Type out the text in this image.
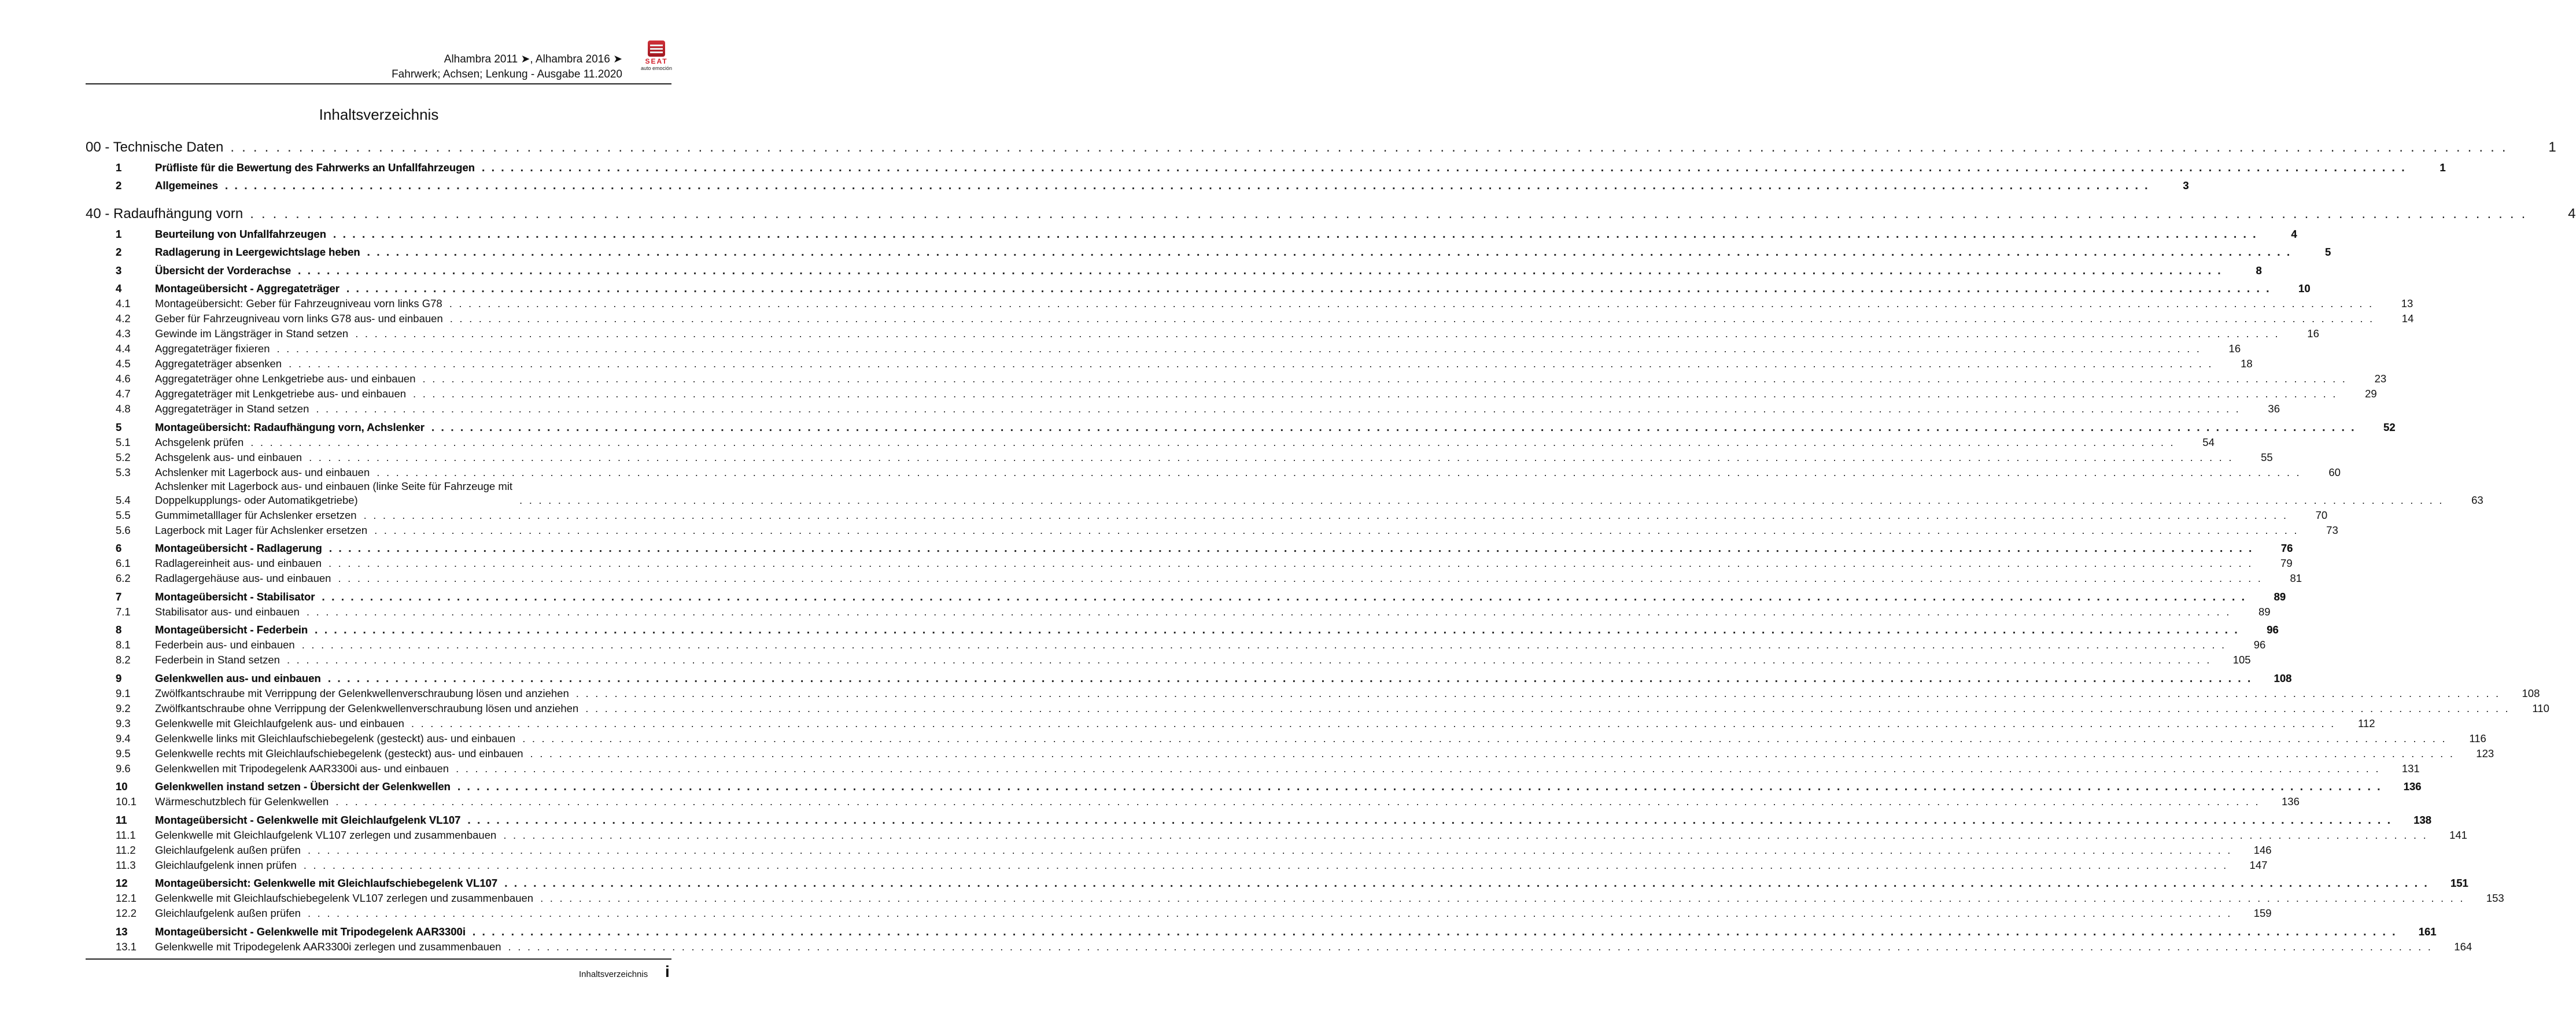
Alhambra 2011 ➤, Alhambra 2016 ➤
Fahrwerk; Achsen; Lenkung - Ausgabe 11.2020
SEAT
auto emoción
Inhaltsverzeichnis
00 - Technische Daten . . . . . . . . . . . . . . . . . . . . . . . . . . . . . . . . . . . . . . . . . . . . . . . . . . . . . . . . . . . . . . . . . . . . . . . . . . . . . . . . . . . . . . . . . . . . . . . . . . . . . . . . . . . . . . . . . . . . . . . . . . . . . . . . . . . . . . . . . . . . . . . . . . . . . . . . . . . . . . . . . . . . . . . . . . . . . . . . . . . . . . . . . . . . . . . . . . . . . . . .	1
1	Prüfliste für die Bewertung des Fahrwerks an Unfallfahrzeugen . . . . . . . . . . . . . . . . . . . . . . . . . . . . . . . . . . . . . . . . . . . . . . . . . . . . . . . . . . . . . . . . . . . . . . . . . . . . . . . . . . . . . . . . . . . . . . . . . . . . . . . . . . . . . . . . . . . . . . . . . . . . . . . . . . . . . . . . . . . . . . . . . . . . . . . . . . . . . . . . . . . . . . . . . . . . . . . . . . . . . . . . . . . . . . . . . . . . . . . .	1
2	Allgemeines . . . . . . . . . . . . . . . . . . . . . . . . . . . . . . . . . . . . . . . . . . . . . . . . . . . . . . . . . . . . . . . . . . . . . . . . . . . . . . . . . . . . . . . . . . . . . . . . . . . . . . . . . . . . . . . . . . . . . . . . . . . . . . . . . . . . . . . . . . . . . . . . . . . . . . . . . . . . . . . . . . . . . . . . . . . . . . . . . . . . . . . . . . . . . . . . . . . . . . . .	3
40 - Radaufhängung vorn . . . . . . . . . . . . . . . . . . . . . . . . . . . . . . . . . . . . . . . . . . . . . . . . . . . . . . . . . . . . . . . . . . . . . . . . . . . . . . . . . . . . . . . . . . . . . . . . . . . . . . . . . . . . . . . . . . . . . . . . . . . . . . . . . . . . . . . . . . . . . . . . . . . . . . . . . . . . . . . . . . . . . . . . . . . . . . . . . . . . . . . . . . . . . . . . . . . . . . . .	4
1	Beurteilung von Unfallfahrzeugen . . . . . . . . . . . . . . . . . . . . . . . . . . . . . . . . . . . . . . . . . . . . . . . . . . . . . . . . . . . . . . . . . . . . . . . . . . . . . . . . . . . . . . . . . . . . . . . . . . . . . . . . . . . . . . . . . . . . . . . . . . . . . . . . . . . . . . . . . . . . . . . . . . . . . . . . . . . . . . . . . . . . . . . . . . . . . . . . . . . . . . . . . . . . . . . . . . . . . . . .	4
2	Radlagerung in Leergewichtslage heben . . . . . . . . . . . . . . . . . . . . . . . . . . . . . . . . . . . . . . . . . . . . . . . . . . . . . . . . . . . . . . . . . . . . . . . . . . . . . . . . . . . . . . . . . . . . . . . . . . . . . . . . . . . . . . . . . . . . . . . . . . . . . . . . . . . . . . . . . . . . . . . . . . . . . . . . . . . . . . . . . . . . . . . . . . . . . . . . . . . . . . . . . . . . . . . . . . . . . . . .	5
3	Übersicht der Vorderachse . . . . . . . . . . . . . . . . . . . . . . . . . . . . . . . . . . . . . . . . . . . . . . . . . . . . . . . . . . . . . . . . . . . . . . . . . . . . . . . . . . . . . . . . . . . . . . . . . . . . . . . . . . . . . . . . . . . . . . . . . . . . . . . . . . . . . . . . . . . . . . . . . . . . . . . . . . . . . . . . . . . . . . . . . . . . . . . . . . . . . . . . . . . . . . . . . . . . . . . .	8
4	Montageübersicht - Aggregateträger . . . . . . . . . . . . . . . . . . . . . . . . . . . . . . . . . . . . . . . . . . . . . . . . . . . . . . . . . . . . . . . . . . . . . . . . . . . . . . . . . . . . . . . . . . . . . . . . . . . . . . . . . . . . . . . . . . . . . . . . . . . . . . . . . . . . . . . . . . . . . . . . . . . . . . . . . . . . . . . . . . . . . . . . . . . . . . . . . . . . . . . . . . . . . . . . . . . . . . . .	10
4.1	Montageübersicht: Geber für Fahrzeugniveau vorn links G78 . . . . . . . . . . . . . . . . . . . . . . . . . . . . . . . . . . . . . . . . . . . . . . . . . . . . . . . . . . . . . . . . . . . . . . . . . . . . . . . . . . . . . . . . . . . . . . . . . . . . . . . . . . . . . . . . . . . . . . . . . . . . . . . . . . . . . . . . . . . . . . . . . . . . . . . . . . . . . . . . . . . . . . . . . . . . . . . . . . . . . . . . . . . . . . . . . . . . . . . .	13
4.2	Geber für Fahrzeugniveau vorn links G78 aus- und einbauen . . . . . . . . . . . . . . . . . . . . . . . . . . . . . . . . . . . . . . . . . . . . . . . . . . . . . . . . . . . . . . . . . . . . . . . . . . . . . . . . . . . . . . . . . . . . . . . . . . . . . . . . . . . . . . . . . . . . . . . . . . . . . . . . . . . . . . . . . . . . . . . . . . . . . . . . . . . . . . . . . . . . . . . . . . . . . . . . . . . . . . . . . . . . . . . . . . . . . . . .	14
4.3	Gewinde im Längsträger in Stand setzen . . . . . . . . . . . . . . . . . . . . . . . . . . . . . . . . . . . . . . . . . . . . . . . . . . . . . . . . . . . . . . . . . . . . . . . . . . . . . . . . . . . . . . . . . . . . . . . . . . . . . . . . . . . . . . . . . . . . . . . . . . . . . . . . . . . . . . . . . . . . . . . . . . . . . . . . . . . . . . . . . . . . . . . . . . . . . . . . . . . . . . . . . . . . . . . . . . . . . . . .	16
4.4	Aggregateträger fixieren . . . . . . . . . . . . . . . . . . . . . . . . . . . . . . . . . . . . . . . . . . . . . . . . . . . . . . . . . . . . . . . . . . . . . . . . . . . . . . . . . . . . . . . . . . . . . . . . . . . . . . . . . . . . . . . . . . . . . . . . . . . . . . . . . . . . . . . . . . . . . . . . . . . . . . . . . . . . . . . . . . . . . . . . . . . . . . . . . . . . . . . . . . . . . . . . . . . . . . . .	16
4.5	Aggregateträger absenken . . . . . . . . . . . . . . . . . . . . . . . . . . . . . . . . . . . . . . . . . . . . . . . . . . . . . . . . . . . . . . . . . . . . . . . . . . . . . . . . . . . . . . . . . . . . . . . . . . . . . . . . . . . . . . . . . . . . . . . . . . . . . . . . . . . . . . . . . . . . . . . . . . . . . . . . . . . . . . . . . . . . . . . . . . . . . . . . . . . . . . . . . . . . . . . . . . . . . . . .	18
4.6	Aggregateträger ohne Lenkgetriebe aus- und einbauen . . . . . . . . . . . . . . . . . . . . . . . . . . . . . . . . . . . . . . . . . . . . . . . . . . . . . . . . . . . . . . . . . . . . . . . . . . . . . . . . . . . . . . . . . . . . . . . . . . . . . . . . . . . . . . . . . . . . . . . . . . . . . . . . . . . . . . . . . . . . . . . . . . . . . . . . . . . . . . . . . . . . . . . . . . . . . . . . . . . . . . . . . . . . . . . . . . . . . . . .	23
4.7	Aggregateträger mit Lenkgetriebe aus- und einbauen . . . . . . . . . . . . . . . . . . . . . . . . . . . . . . . . . . . . . . . . . . . . . . . . . . . . . . . . . . . . . . . . . . . . . . . . . . . . . . . . . . . . . . . . . . . . . . . . . . . . . . . . . . . . . . . . . . . . . . . . . . . . . . . . . . . . . . . . . . . . . . . . . . . . . . . . . . . . . . . . . . . . . . . . . . . . . . . . . . . . . . . . . . . . . . . . . . . . . . . .	29
4.8	Aggregateträger in Stand setzen . . . . . . . . . . . . . . . . . . . . . . . . . . . . . . . . . . . . . . . . . . . . . . . . . . . . . . . . . . . . . . . . . . . . . . . . . . . . . . . . . . . . . . . . . . . . . . . . . . . . . . . . . . . . . . . . . . . . . . . . . . . . . . . . . . . . . . . . . . . . . . . . . . . . . . . . . . . . . . . . . . . . . . . . . . . . . . . . . . . . . . . . . . . . . . . . . . . . . . . .	36
5	Montageübersicht: Radaufhängung vorn, Achslenker . . . . . . . . . . . . . . . . . . . . . . . . . . . . . . . . . . . . . . . . . . . . . . . . . . . . . . . . . . . . . . . . . . . . . . . . . . . . . . . . . . . . . . . . . . . . . . . . . . . . . . . . . . . . . . . . . . . . . . . . . . . . . . . . . . . . . . . . . . . . . . . . . . . . . . . . . . . . . . . . . . . . . . . . . . . . . . . . . . . . . . . . . . . . . . . . . . . . . . . .	52
5.1	Achsgelenk prüfen . . . . . . . . . . . . . . . . . . . . . . . . . . . . . . . . . . . . . . . . . . . . . . . . . . . . . . . . . . . . . . . . . . . . . . . . . . . . . . . . . . . . . . . . . . . . . . . . . . . . . . . . . . . . . . . . . . . . . . . . . . . . . . . . . . . . . . . . . . . . . . . . . . . . . . . . . . . . . . . . . . . . . . . . . . . . . . . . . . . . . . . . . . . . . . . . . . . . . . . .	54
5.2	Achsgelenk aus- und einbauen . . . . . . . . . . . . . . . . . . . . . . . . . . . . . . . . . . . . . . . . . . . . . . . . . . . . . . . . . . . . . . . . . . . . . . . . . . . . . . . . . . . . . . . . . . . . . . . . . . . . . . . . . . . . . . . . . . . . . . . . . . . . . . . . . . . . . . . . . . . . . . . . . . . . . . . . . . . . . . . . . . . . . . . . . . . . . . . . . . . . . . . . . . . . . . . . . . . . . . . .	55
5.3	Achslenker mit Lagerbock aus- und einbauen . . . . . . . . . . . . . . . . . . . . . . . . . . . . . . . . . . . . . . . . . . . . . . . . . . . . . . . . . . . . . . . . . . . . . . . . . . . . . . . . . . . . . . . . . . . . . . . . . . . . . . . . . . . . . . . . . . . . . . . . . . . . . . . . . . . . . . . . . . . . . . . . . . . . . . . . . . . . . . . . . . . . . . . . . . . . . . . . . . . . . . . . . . . . . . . . . . . . . . . .	60
5.4
Achslenker mit Lagerbock aus- und einbauen (linke Seite für Fahrzeuge mit
Doppelkupplungs- oder Automatikgetriebe)	. . . . . . . . . . . . . . . . . . . . . . . . . . . . . . . . . . . . . . . . . . . . . . . . . . . . . . . . . . . . . . . . . . . . . . . . . . . . . . . . . . . . . . . . . . . . . . . . . . . . . . . . . . . . . . . . . . . . . . . . . . . . . . . . . . . . . . . . . . . . . . . . . . . . . . . . . . . . . . . . . . . . . . . . . . . . . . . . . . . . . . . . . . . . . . . . . . . . . . . .	63
5.5	Gummimetalllager für Achslenker ersetzen . . . . . . . . . . . . . . . . . . . . . . . . . . . . . . . . . . . . . . . . . . . . . . . . . . . . . . . . . . . . . . . . . . . . . . . . . . . . . . . . . . . . . . . . . . . . . . . . . . . . . . . . . . . . . . . . . . . . . . . . . . . . . . . . . . . . . . . . . . . . . . . . . . . . . . . . . . . . . . . . . . . . . . . . . . . . . . . . . . . . . . . . . . . . . . . . . . . . . . . .	70
5.6	Lagerbock mit Lager für Achslenker ersetzen . . . . . . . . . . . . . . . . . . . . . . . . . . . . . . . . . . . . . . . . . . . . . . . . . . . . . . . . . . . . . . . . . . . . . . . . . . . . . . . . . . . . . . . . . . . . . . . . . . . . . . . . . . . . . . . . . . . . . . . . . . . . . . . . . . . . . . . . . . . . . . . . . . . . . . . . . . . . . . . . . . . . . . . . . . . . . . . . . . . . . . . . . . . . . . . . . . . . . . . .	73
6	Montageübersicht - Radlagerung . . . . . . . . . . . . . . . . . . . . . . . . . . . . . . . . . . . . . . . . . . . . . . . . . . . . . . . . . . . . . . . . . . . . . . . . . . . . . . . . . . . . . . . . . . . . . . . . . . . . . . . . . . . . . . . . . . . . . . . . . . . . . . . . . . . . . . . . . . . . . . . . . . . . . . . . . . . . . . . . . . . . . . . . . . . . . . . . . . . . . . . . . . . . . . . . . . . . . . . .	76
6.1	Radlagereinheit aus- und einbauen . . . . . . . . . . . . . . . . . . . . . . . . . . . . . . . . . . . . . . . . . . . . . . . . . . . . . . . . . . . . . . . . . . . . . . . . . . . . . . . . . . . . . . . . . . . . . . . . . . . . . . . . . . . . . . . . . . . . . . . . . . . . . . . . . . . . . . . . . . . . . . . . . . . . . . . . . . . . . . . . . . . . . . . . . . . . . . . . . . . . . . . . . . . . . . . . . . . . . . . .	79
6.2	Radlagergehäuse aus- und einbauen . . . . . . . . . . . . . . . . . . . . . . . . . . . . . . . . . . . . . . . . . . . . . . . . . . . . . . . . . . . . . . . . . . . . . . . . . . . . . . . . . . . . . . . . . . . . . . . . . . . . . . . . . . . . . . . . . . . . . . . . . . . . . . . . . . . . . . . . . . . . . . . . . . . . . . . . . . . . . . . . . . . . . . . . . . . . . . . . . . . . . . . . . . . . . . . . . . . . . . . .	81
7	Montageübersicht - Stabilisator . . . . . . . . . . . . . . . . . . . . . . . . . . . . . . . . . . . . . . . . . . . . . . . . . . . . . . . . . . . . . . . . . . . . . . . . . . . . . . . . . . . . . . . . . . . . . . . . . . . . . . . . . . . . . . . . . . . . . . . . . . . . . . . . . . . . . . . . . . . . . . . . . . . . . . . . . . . . . . . . . . . . . . . . . . . . . . . . . . . . . . . . . . . . . . . . . . . . . . . .	89
7.1	Stabilisator aus- und einbauen . . . . . . . . . . . . . . . . . . . . . . . . . . . . . . . . . . . . . . . . . . . . . . . . . . . . . . . . . . . . . . . . . . . . . . . . . . . . . . . . . . . . . . . . . . . . . . . . . . . . . . . . . . . . . . . . . . . . . . . . . . . . . . . . . . . . . . . . . . . . . . . . . . . . . . . . . . . . . . . . . . . . . . . . . . . . . . . . . . . . . . . . . . . . . . . . . . . . . . . .	89
8	Montageübersicht - Federbein . . . . . . . . . . . . . . . . . . . . . . . . . . . . . . . . . . . . . . . . . . . . . . . . . . . . . . . . . . . . . . . . . . . . . . . . . . . . . . . . . . . . . . . . . . . . . . . . . . . . . . . . . . . . . . . . . . . . . . . . . . . . . . . . . . . . . . . . . . . . . . . . . . . . . . . . . . . . . . . . . . . . . . . . . . . . . . . . . . . . . . . . . . . . . . . . . . . . . . . .	96
8.1	Federbein aus- und einbauen . . . . . . . . . . . . . . . . . . . . . . . . . . . . . . . . . . . . . . . . . . . . . . . . . . . . . . . . . . . . . . . . . . . . . . . . . . . . . . . . . . . . . . . . . . . . . . . . . . . . . . . . . . . . . . . . . . . . . . . . . . . . . . . . . . . . . . . . . . . . . . . . . . . . . . . . . . . . . . . . . . . . . . . . . . . . . . . . . . . . . . . . . . . . . . . . . . . . . . . .	96
8.2	Federbein in Stand setzen . . . . . . . . . . . . . . . . . . . . . . . . . . . . . . . . . . . . . . . . . . . . . . . . . . . . . . . . . . . . . . . . . . . . . . . . . . . . . . . . . . . . . . . . . . . . . . . . . . . . . . . . . . . . . . . . . . . . . . . . . . . . . . . . . . . . . . . . . . . . . . . . . . . . . . . . . . . . . . . . . . . . . . . . . . . . . . . . . . . . . . . . . . . . . . . . . . . . . . . .	105
9	Gelenkwellen aus- und einbauen . . . . . . . . . . . . . . . . . . . . . . . . . . . . . . . . . . . . . . . . . . . . . . . . . . . . . . . . . . . . . . . . . . . . . . . . . . . . . . . . . . . . . . . . . . . . . . . . . . . . . . . . . . . . . . . . . . . . . . . . . . . . . . . . . . . . . . . . . . . . . . . . . . . . . . . . . . . . . . . . . . . . . . . . . . . . . . . . . . . . . . . . . . . . . . . . . . . . . . . .	108
9.1	Zwölfkantschraube mit Verrippung der Gelenkwellenverschraubung lösen und anziehen . . . . . . . . . . . . . . . . . . . . . . . . . . . . . . . . . . . . . . . . . . . . . . . . . . . . . . . . . . . . . . . . . . . . . . . . . . . . . . . . . . . . . . . . . . . . . . . . . . . . . . . . . . . . . . . . . . . . . . . . . . . . . . . . . . . . . . . . . . . . . . . . . . . . . . . . . . . . . . . . . . . . . . . . . . . . . . . . . . . . . . . . . . . . . . . . . . . . . . . .	108
9.2	Zwölfkantschraube ohne Verrippung der Gelenkwellenverschraubung lösen und anziehen . . . . . . . . . . . . . . . . . . . . . . . . . . . . . . . . . . . . . . . . . . . . . . . . . . . . . . . . . . . . . . . . . . . . . . . . . . . . . . . . . . . . . . . . . . . . . . . . . . . . . . . . . . . . . . . . . . . . . . . . . . . . . . . . . . . . . . . . . . . . . . . . . . . . . . . . . . . . . . . . . . . . . . . . . . . . . . . . . . . . . . . . . . . . . . . . . . . . . . . .	110
9.3	Gelenkwelle mit Gleichlaufgelenk aus- und einbauen . . . . . . . . . . . . . . . . . . . . . . . . . . . . . . . . . . . . . . . . . . . . . . . . . . . . . . . . . . . . . . . . . . . . . . . . . . . . . . . . . . . . . . . . . . . . . . . . . . . . . . . . . . . . . . . . . . . . . . . . . . . . . . . . . . . . . . . . . . . . . . . . . . . . . . . . . . . . . . . . . . . . . . . . . . . . . . . . . . . . . . . . . . . . . . . . . . . . . . . .	112
9.4	Gelenkwelle links mit Gleichlaufschiebegelenk (gesteckt) aus- und einbauen . . . . . . . . . . . . . . . . . . . . . . . . . . . . . . . . . . . . . . . . . . . . . . . . . . . . . . . . . . . . . . . . . . . . . . . . . . . . . . . . . . . . . . . . . . . . . . . . . . . . . . . . . . . . . . . . . . . . . . . . . . . . . . . . . . . . . . . . . . . . . . . . . . . . . . . . . . . . . . . . . . . . . . . . . . . . . . . . . . . . . . . . . . . . . . . . . . . . . . . .	116
9.5	Gelenkwelle rechts mit Gleichlaufschiebegelenk (gesteckt) aus- und einbauen . . . . . . . . . . . . . . . . . . . . . . . . . . . . . . . . . . . . . . . . . . . . . . . . . . . . . . . . . . . . . . . . . . . . . . . . . . . . . . . . . . . . . . . . . . . . . . . . . . . . . . . . . . . . . . . . . . . . . . . . . . . . . . . . . . . . . . . . . . . . . . . . . . . . . . . . . . . . . . . . . . . . . . . . . . . . . . . . . . . . . . . . . . . . . . . . . . . . . . . .	123
9.6	Gelenkwellen mit Tripodegelenk AAR3300i aus- und einbauen . . . . . . . . . . . . . . . . . . . . . . . . . . . . . . . . . . . . . . . . . . . . . . . . . . . . . . . . . . . . . . . . . . . . . . . . . . . . . . . . . . . . . . . . . . . . . . . . . . . . . . . . . . . . . . . . . . . . . . . . . . . . . . . . . . . . . . . . . . . . . . . . . . . . . . . . . . . . . . . . . . . . . . . . . . . . . . . . . . . . . . . . . . . . . . . . . . . . . . . .	131
10	Gelenkwellen instand setzen - Übersicht der Gelenkwellen . . . . . . . . . . . . . . . . . . . . . . . . . . . . . . . . . . . . . . . . . . . . . . . . . . . . . . . . . . . . . . . . . . . . . . . . . . . . . . . . . . . . . . . . . . . . . . . . . . . . . . . . . . . . . . . . . . . . . . . . . . . . . . . . . . . . . . . . . . . . . . . . . . . . . . . . . . . . . . . . . . . . . . . . . . . . . . . . . . . . . . . . . . . . . . . . . . . . . . . .	136
10.1	Wärmeschutzblech für Gelenkwellen . . . . . . . . . . . . . . . . . . . . . . . . . . . . . . . . . . . . . . . . . . . . . . . . . . . . . . . . . . . . . . . . . . . . . . . . . . . . . . . . . . . . . . . . . . . . . . . . . . . . . . . . . . . . . . . . . . . . . . . . . . . . . . . . . . . . . . . . . . . . . . . . . . . . . . . . . . . . . . . . . . . . . . . . . . . . . . . . . . . . . . . . . . . . . . . . . . . . . . . .	136
11	Montageübersicht - Gelenkwelle mit Gleichlaufgelenk VL107 . . . . . . . . . . . . . . . . . . . . . . . . . . . . . . . . . . . . . . . . . . . . . . . . . . . . . . . . . . . . . . . . . . . . . . . . . . . . . . . . . . . . . . . . . . . . . . . . . . . . . . . . . . . . . . . . . . . . . . . . . . . . . . . . . . . . . . . . . . . . . . . . . . . . . . . . . . . . . . . . . . . . . . . . . . . . . . . . . . . . . . . . . . . . . . . . . . . . . . . .	138
11.1	Gelenkwelle mit Gleichlaufgelenk VL107 zerlegen und zusammenbauen . . . . . . . . . . . . . . . . . . . . . . . . . . . . . . . . . . . . . . . . . . . . . . . . . . . . . . . . . . . . . . . . . . . . . . . . . . . . . . . . . . . . . . . . . . . . . . . . . . . . . . . . . . . . . . . . . . . . . . . . . . . . . . . . . . . . . . . . . . . . . . . . . . . . . . . . . . . . . . . . . . . . . . . . . . . . . . . . . . . . . . . . . . . . . . . . . . . . . . . .	141
11.2	Gleichlaufgelenk außen prüfen . . . . . . . . . . . . . . . . . . . . . . . . . . . . . . . . . . . . . . . . . . . . . . . . . . . . . . . . . . . . . . . . . . . . . . . . . . . . . . . . . . . . . . . . . . . . . . . . . . . . . . . . . . . . . . . . . . . . . . . . . . . . . . . . . . . . . . . . . . . . . . . . . . . . . . . . . . . . . . . . . . . . . . . . . . . . . . . . . . . . . . . . . . . . . . . . . . . . . . . .	146
11.3	Gleichlaufgelenk innen prüfen . . . . . . . . . . . . . . . . . . . . . . . . . . . . . . . . . . . . . . . . . . . . . . . . . . . . . . . . . . . . . . . . . . . . . . . . . . . . . . . . . . . . . . . . . . . . . . . . . . . . . . . . . . . . . . . . . . . . . . . . . . . . . . . . . . . . . . . . . . . . . . . . . . . . . . . . . . . . . . . . . . . . . . . . . . . . . . . . . . . . . . . . . . . . . . . . . . . . . . . .	147
12	Montageübersicht: Gelenkwelle mit Gleichlaufschiebegelenk VL107 . . . . . . . . . . . . . . . . . . . . . . . . . . . . . . . . . . . . . . . . . . . . . . . . . . . . . . . . . . . . . . . . . . . . . . . . . . . . . . . . . . . . . . . . . . . . . . . . . . . . . . . . . . . . . . . . . . . . . . . . . . . . . . . . . . . . . . . . . . . . . . . . . . . . . . . . . . . . . . . . . . . . . . . . . . . . . . . . . . . . . . . . . . . . . . . . . . . . . . . .	151
12.1	Gelenkwelle mit Gleichlaufschiebegelenk VL107 zerlegen und zusammenbauen . . . . . . . . . . . . . . . . . . . . . . . . . . . . . . . . . . . . . . . . . . . . . . . . . . . . . . . . . . . . . . . . . . . . . . . . . . . . . . . . . . . . . . . . . . . . . . . . . . . . . . . . . . . . . . . . . . . . . . . . . . . . . . . . . . . . . . . . . . . . . . . . . . . . . . . . . . . . . . . . . . . . . . . . . . . . . . . . . . . . . . . . . . . . . . . . . . . . . . . .	153
12.2	Gleichlaufgelenk außen prüfen . . . . . . . . . . . . . . . . . . . . . . . . . . . . . . . . . . . . . . . . . . . . . . . . . . . . . . . . . . . . . . . . . . . . . . . . . . . . . . . . . . . . . . . . . . . . . . . . . . . . . . . . . . . . . . . . . . . . . . . . . . . . . . . . . . . . . . . . . . . . . . . . . . . . . . . . . . . . . . . . . . . . . . . . . . . . . . . . . . . . . . . . . . . . . . . . . . . . . . . .	159
13	Montageübersicht - Gelenkwelle mit Tripodegelenk AAR3300i . . . . . . . . . . . . . . . . . . . . . . . . . . . . . . . . . . . . . . . . . . . . . . . . . . . . . . . . . . . . . . . . . . . . . . . . . . . . . . . . . . . . . . . . . . . . . . . . . . . . . . . . . . . . . . . . . . . . . . . . . . . . . . . . . . . . . . . . . . . . . . . . . . . . . . . . . . . . . . . . . . . . . . . . . . . . . . . . . . . . . . . . . . . . . . . . . . . . . . . .	161
13.1	Gelenkwelle mit Tripodegelenk AAR3300i zerlegen und zusammenbauen . . . . . . . . . . . . . . . . . . . . . . . . . . . . . . . . . . . . . . . . . . . . . . . . . . . . . . . . . . . . . . . . . . . . . . . . . . . . . . . . . . . . . . . . . . . . . . . . . . . . . . . . . . . . . . . . . . . . . . . . . . . . . . . . . . . . . . . . . . . . . . . . . . . . . . . . . . . . . . . . . . . . . . . . . . . . . . . . . . . . . . . . . . . . . . . . . . . . . . . .	164
Inhaltsverzeichnis i
